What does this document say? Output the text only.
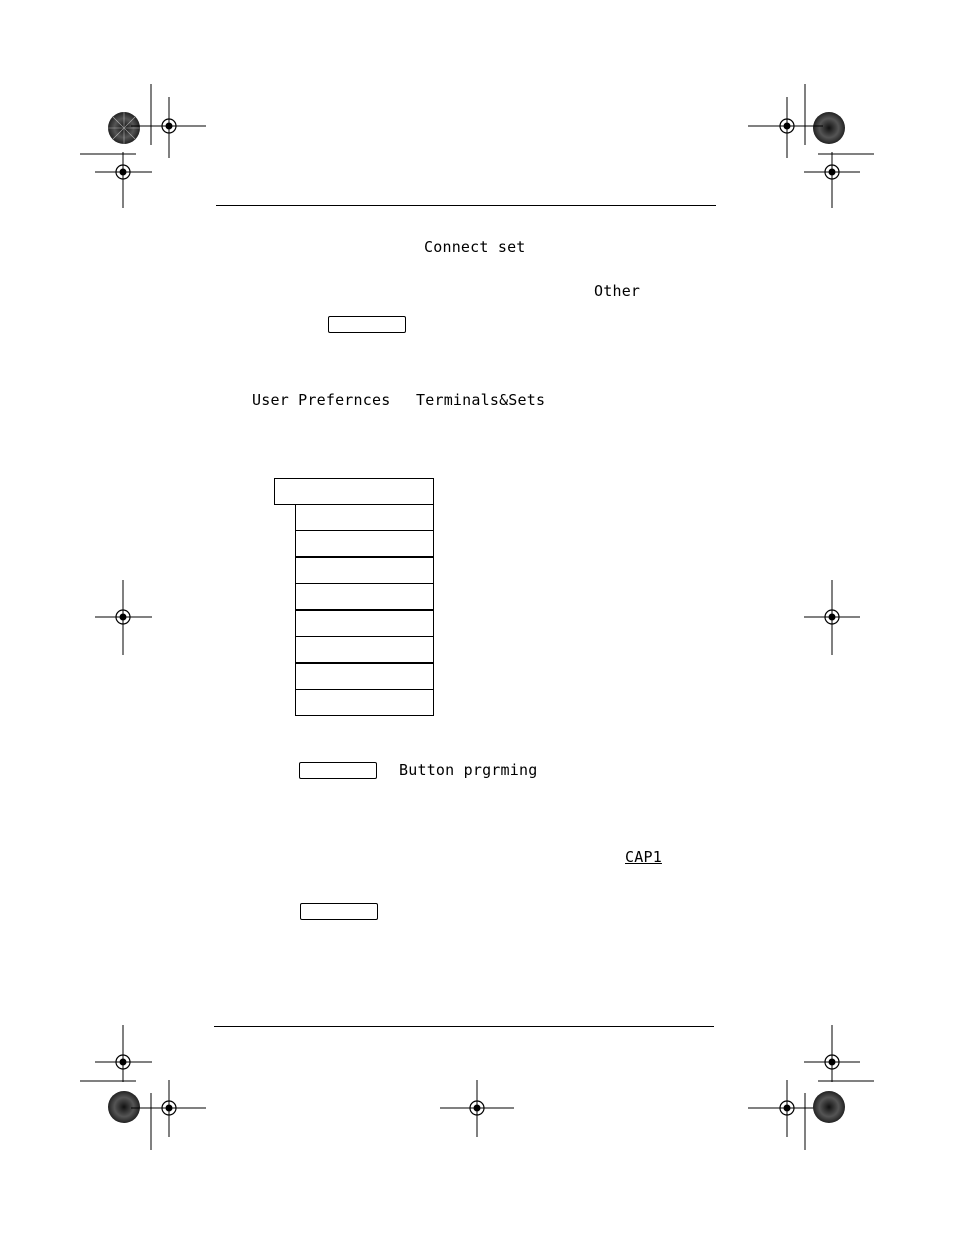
Connect set
Other
User Prefernces Terminals&Sets
Button prgrming
CAP1
